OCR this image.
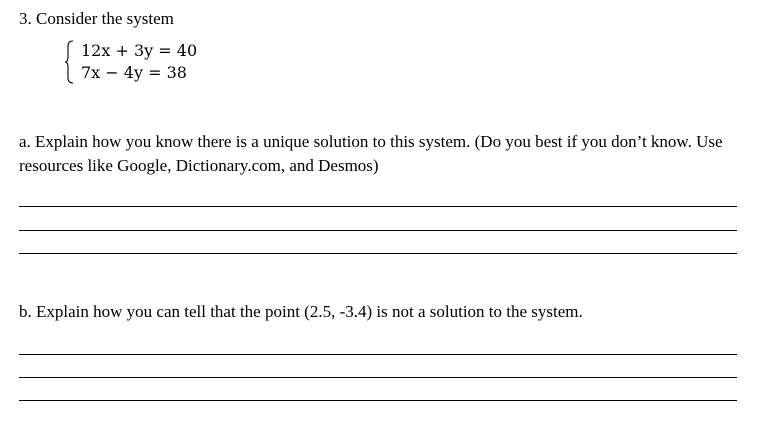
3. Consider the system
12x + 3y = 40
7x − 4y = 38
a. Explain how you know there is a unique solution to this system. (Do you best if you don’t know. Use resources like Google, Dictionary.com, and Desmos)
b. Explain how you can tell that the point (2.5, -3.4) is not a solution to the system.
